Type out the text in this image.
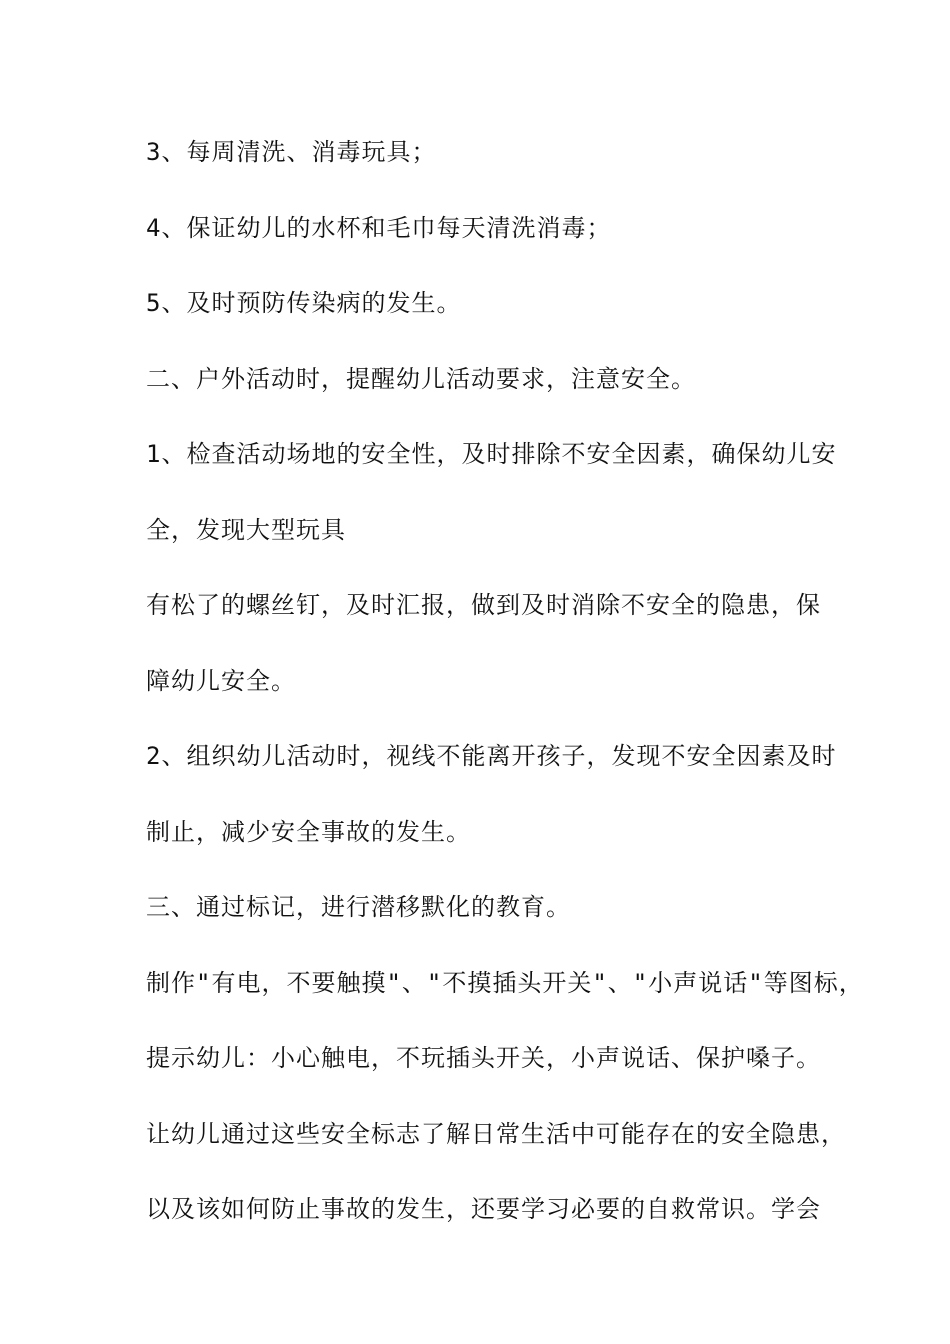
3、每周清洗、消毒玩具；
4、保证幼儿的水杯和毛巾每天清洗消毒；
5、及时预防传染病的发生。
二、户外活动时，提醒幼儿活动要求，注意安全。
1、检查活动场地的安全性，及时排除不安全因素，确保幼儿安
全，发现大型玩具
有松了的螺丝钉，及时汇报，做到及时消除不安全的隐患，保
障幼儿安全。
2、组织幼儿活动时，视线不能离开孩子，发现不安全因素及时
制止，减少安全事故的发生。
三、通过标记，进行潜移默化的教育。
制作"有电，不要触摸"、"不摸插头开关"、"小声说话"等图标，
提示幼儿：小心触电，不玩插头开关，小声说话、保护嗓子。
让幼儿通过这些安全标志了解日常生活中可能存在的安全隐患，
以及该如何防止事故的发生，还要学习必要的自救常识。学会
